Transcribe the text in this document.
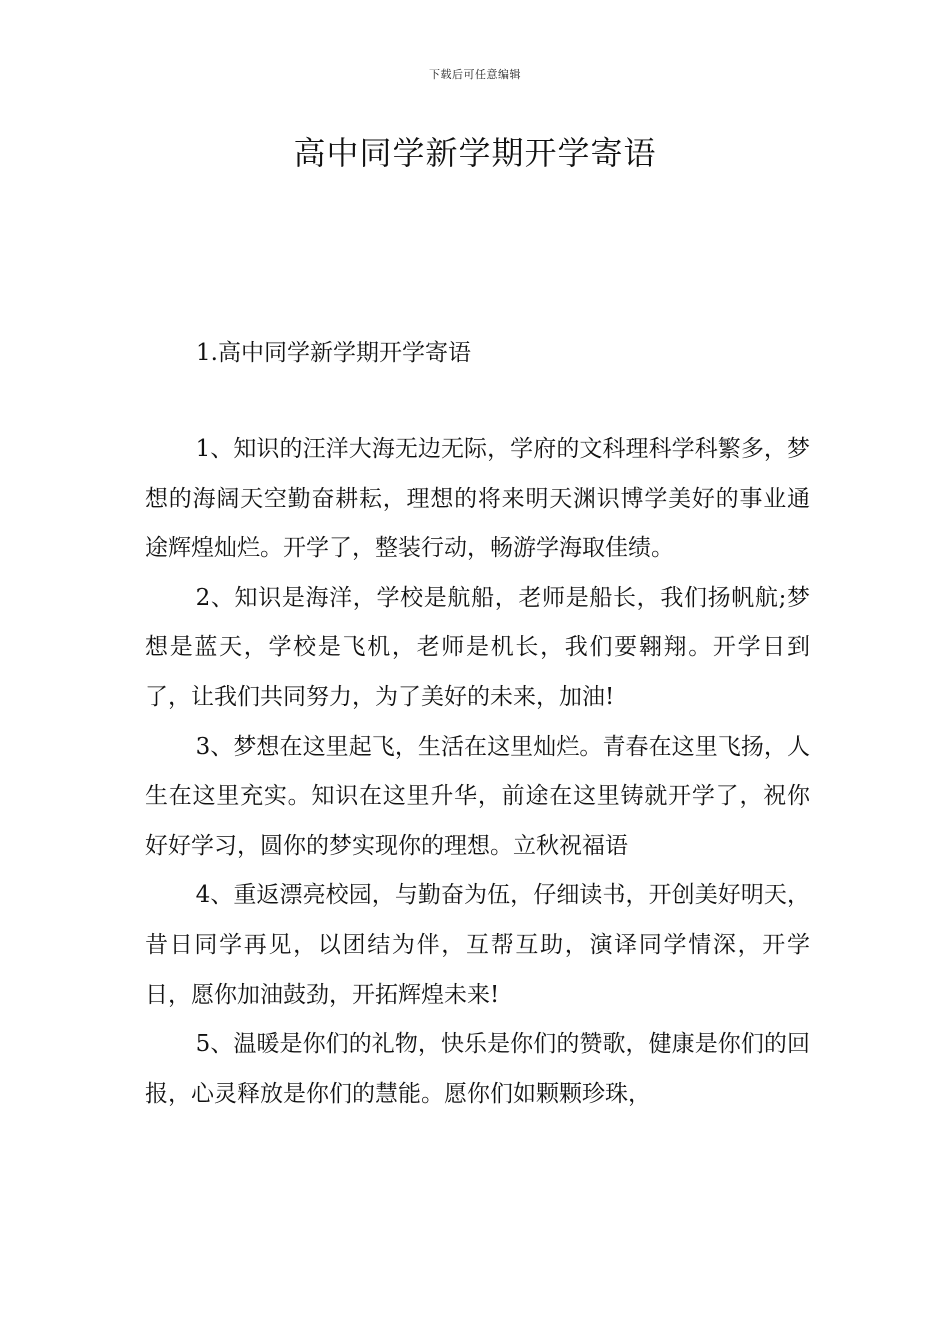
下载后可任意编辑
高中同学新学期开学寄语
1.高中同学新学期开学寄语

1、知识的汪洋大海无边无际，学府的文科理科学科繁多，梦想的海阔天空勤奋耕耘，理想的将来明天渊识博学美好的事业通途辉煌灿烂。开学了，整装行动，畅游学海取佳绩。

2、知识是海洋，学校是航船，老师是船长，我们扬帆航;梦想是蓝天，学校是飞机，老师是机长，我们要翱翔。开学日到了，让我们共同努力，为了美好的未来，加油!

3、梦想在这里起飞，生活在这里灿烂。青春在这里飞扬，人生在这里充实。知识在这里升华，前途在这里铸就开学了，祝你好好学习，圆你的梦实现你的理想。立秋祝福语

4、重返漂亮校园，与勤奋为伍，仔细读书，开创美好明天，昔日同学再见，以团结为伴，互帮互助，演译同学情深，开学日，愿你加油鼓劲，开拓辉煌未来!

5、温暖是你们的礼物，快乐是你们的赞歌，健康是你们的回报，心灵释放是你们的慧能。愿你们如颗颗珍珠，
